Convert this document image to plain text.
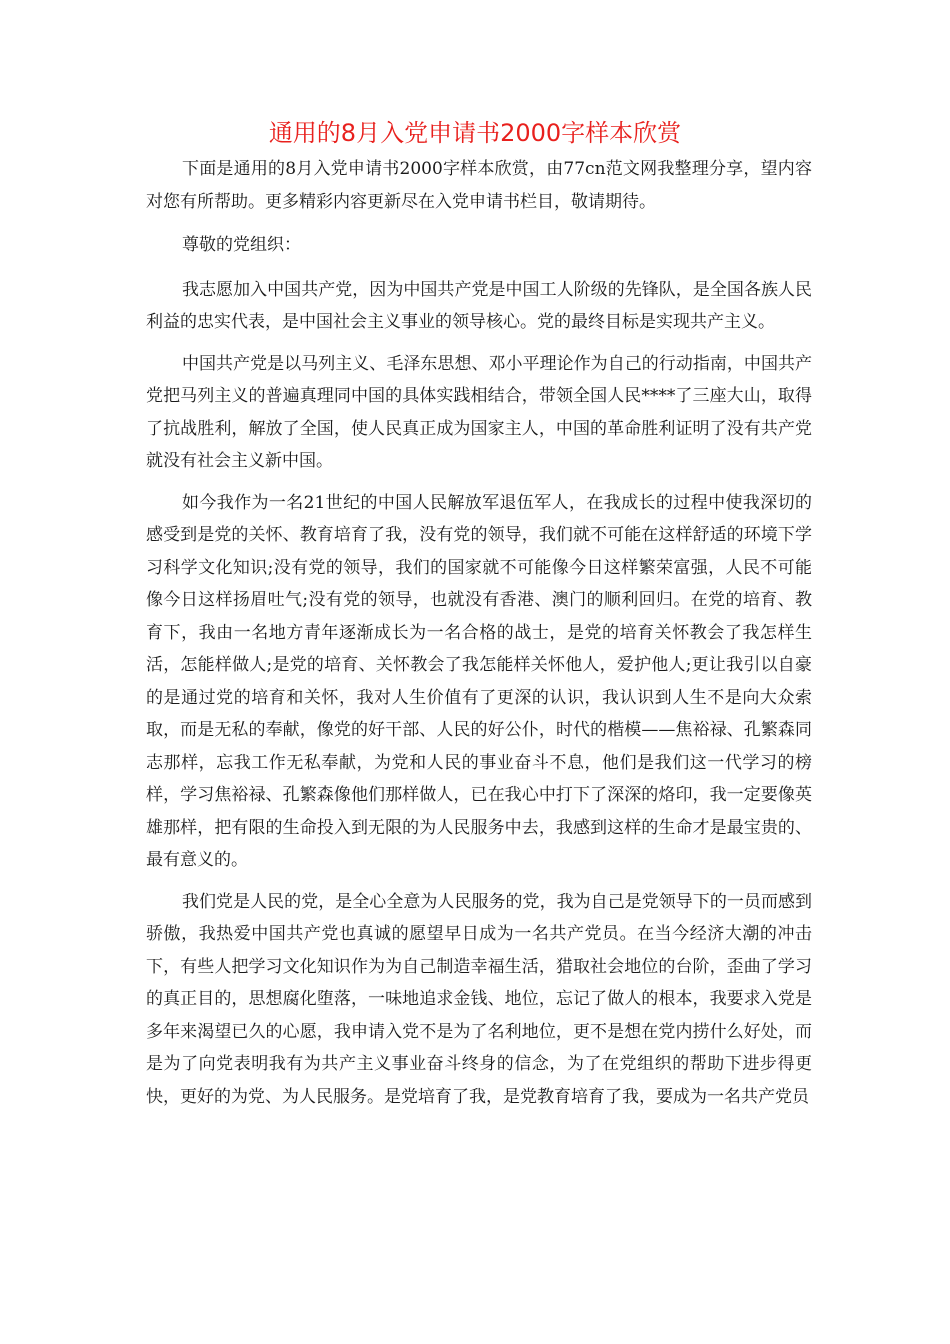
通用的8月入党申请书2000字样本欣赏

下面是通用的8月入党申请书2000字样本欣赏，由77cn范文网我整理分享，望内容对您有所帮助。更多精彩内容更新尽在入党申请书栏目，敬请期待。

尊敬的党组织：

我志愿加入中国共产党，因为中国共产党是中国工人阶级的先锋队，是全国各族人民利益的忠实代表，是中国社会主义事业的领导核心。党的最终目标是实现共产主义。

中国共产党是以马列主义、毛泽东思想、邓小平理论作为自己的行动指南，中国共产党把马列主义的普遍真理同中国的具体实践相结合，带领全国人民****了三座大山，取得了抗战胜利，解放了全国，使人民真正成为国家主人，中国的革命胜利证明了没有共产党就没有社会主义新中国。

如今我作为一名21世纪的中国人民解放军退伍军人，在我成长的过程中使我深切的感受到是党的关怀、教育培育了我，没有党的领导，我们就不可能在这样舒适的环境下学习科学文化知识;没有党的领导，我们的国家就不可能像今日这样繁荣富强，人民不可能像今日这样扬眉吐气;没有党的领导，也就没有香港、澳门的顺利回归。在党的培育、教育下，我由一名地方青年逐渐成长为一名合格的战士，是党的培育关怀教会了我怎样生活，怎能样做人;是党的培育、关怀教会了我怎能样关怀他人，爱护他人;更让我引以自豪的是通过党的培育和关怀，我对人生价值有了更深的认识，我认识到人生不是向大众索取，而是无私的奉献，像党的好干部、人民的好公仆，时代的楷模——焦裕禄、孔繁森同志那样，忘我工作无私奉献，为党和人民的事业奋斗不息，他们是我们这一代学习的榜样，学习焦裕禄、孔繁森像他们那样做人，已在我心中打下了深深的烙印，我一定要像英雄那样，把有限的生命投入到无限的为人民服务中去，我感到这样的生命才是最宝贵的、最有意义的。

我们党是人民的党，是全心全意为人民服务的党，我为自己是党领导下的一员而感到骄傲，我热爱中国共产党也真诚的愿望早日成为一名共产党员。在当今经济大潮的冲击下，有些人把学习文化知识作为为自己制造幸福生活，猎取社会地位的台阶，歪曲了学习的真正目的，思想腐化堕落，一味地追求金钱、地位，忘记了做人的根本，我要求入党是多年来渴望已久的心愿，我申请入党不是为了名利地位，更不是想在党内捞什么好处，而是为了向党表明我有为共产主义事业奋斗终身的信念，为了在党组织的帮助下进步得更快，更好的为党、为人民服务。是党培育了我，是党教育培育了我，要成为一名共产党员
